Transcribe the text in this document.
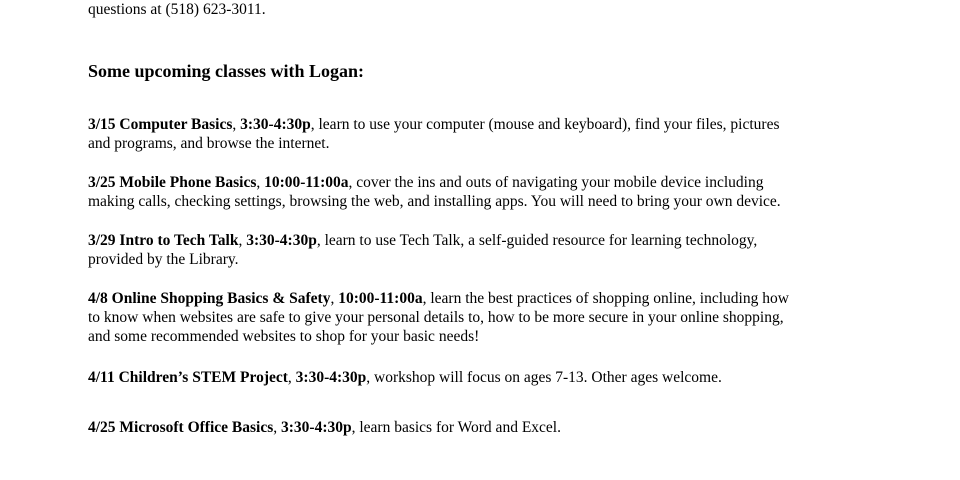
questions at (518) 623-3011.
Some upcoming classes with Logan:
3/15 Computer Basics, 3:30-4:30p, learn to use your computer (mouse and keyboard), find your files, pictures
and programs, and browse the internet.
3/25 Mobile Phone Basics, 10:00-11:00a, cover the ins and outs of navigating your mobile device including
making calls, checking settings, browsing the web, and installing apps. You will need to bring your own device.
3/29 Intro to Tech Talk, 3:30-4:30p, learn to use Tech Talk, a self-guided resource for learning technology,
provided by the Library.
4/8 Online Shopping Basics & Safety, 10:00-11:00a, learn the best practices of shopping online, including how
to know when websites are safe to give your personal details to, how to be more secure in your online shopping,
and some recommended websites to shop for your basic needs!
4/11 Children’s STEM Project, 3:30-4:30p, workshop will focus on ages 7-13. Other ages welcome.
4/25 Microsoft Office Basics, 3:30-4:30p, learn basics for Word and Excel.
